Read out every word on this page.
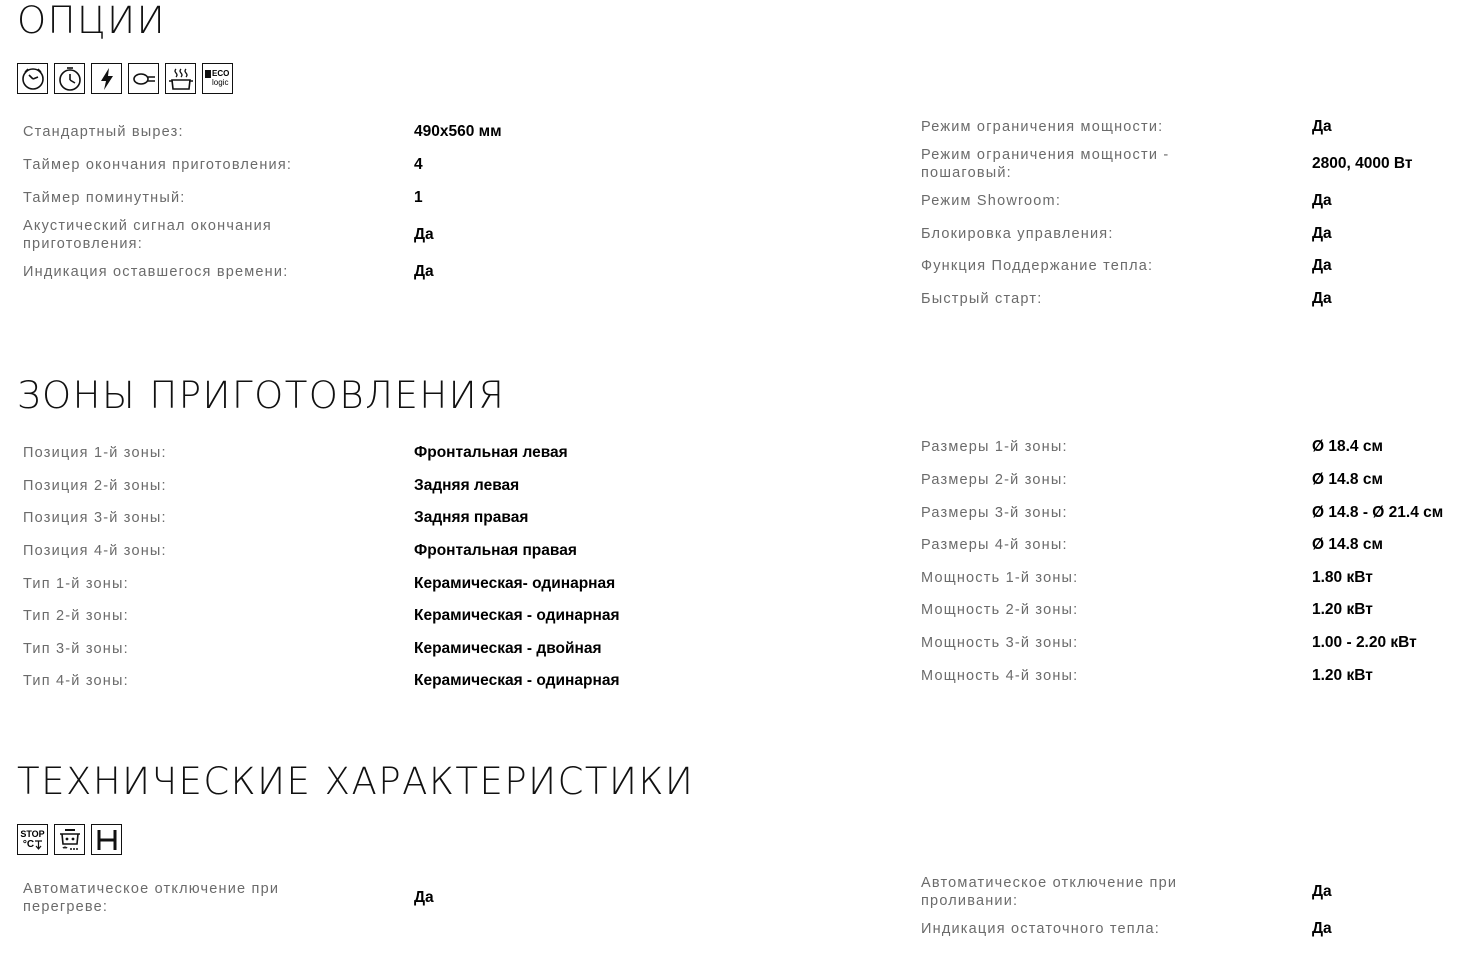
ОПЦИИ
ECO
logic
Стандартный вырез:	490x560 мм
Таймер окончания приготовления:	4
Таймер поминутный:	1
Акустический сигнал окончания приготовления:
Да
Индикация оставшегося времени:	Да
Режим ограничения мощности:	Да
Режим ограничения мощности - пошаговый:
2800, 4000 Вт
Режим Showroom:	Да
Блокировка управления:	Да
Функция Поддержание тепла:	Да
Быстрый старт:	Да
ЗОНЫ ПРИГОТОВЛЕНИЯ
Позиция 1-й зоны:	Фронтальная левая
Позиция 2-й зоны:	Задняя левая
Позиция 3-й зоны:	Задняя правая
Позиция 4-й зоны:	Фронтальная правая
Тип 1-й зоны:	Керамическая- одинарная
Тип 2-й зоны:	Керамическая - одинарная
Тип 3-й зоны:	Керамическая - двойная
Тип 4-й зоны:	Керамическая - одинарная
Размеры 1-й зоны:	Ø 18.4 см
Размеры 2-й зоны:	Ø 14.8 см
Размеры 3-й зоны:	Ø 14.8 - Ø 21.4 см
Размеры 4-й зоны:	Ø 14.8 см
Мощность 1-й зоны:	1.80 кВт
Мощность 2-й зоны:	1.20 кВт
Мощность 3-й зоны:	1.00 - 2.20 кВт
Мощность 4-й зоны:	1.20 кВт
ТЕХНИЧЕСКИЕ ХАРАКТЕРИСТИКИ
STOP
°C
Автоматическое отключение при перегреве:
Да
Автоматическое отключение при проливании:
Да
Индикация остаточного тепла:	Да
